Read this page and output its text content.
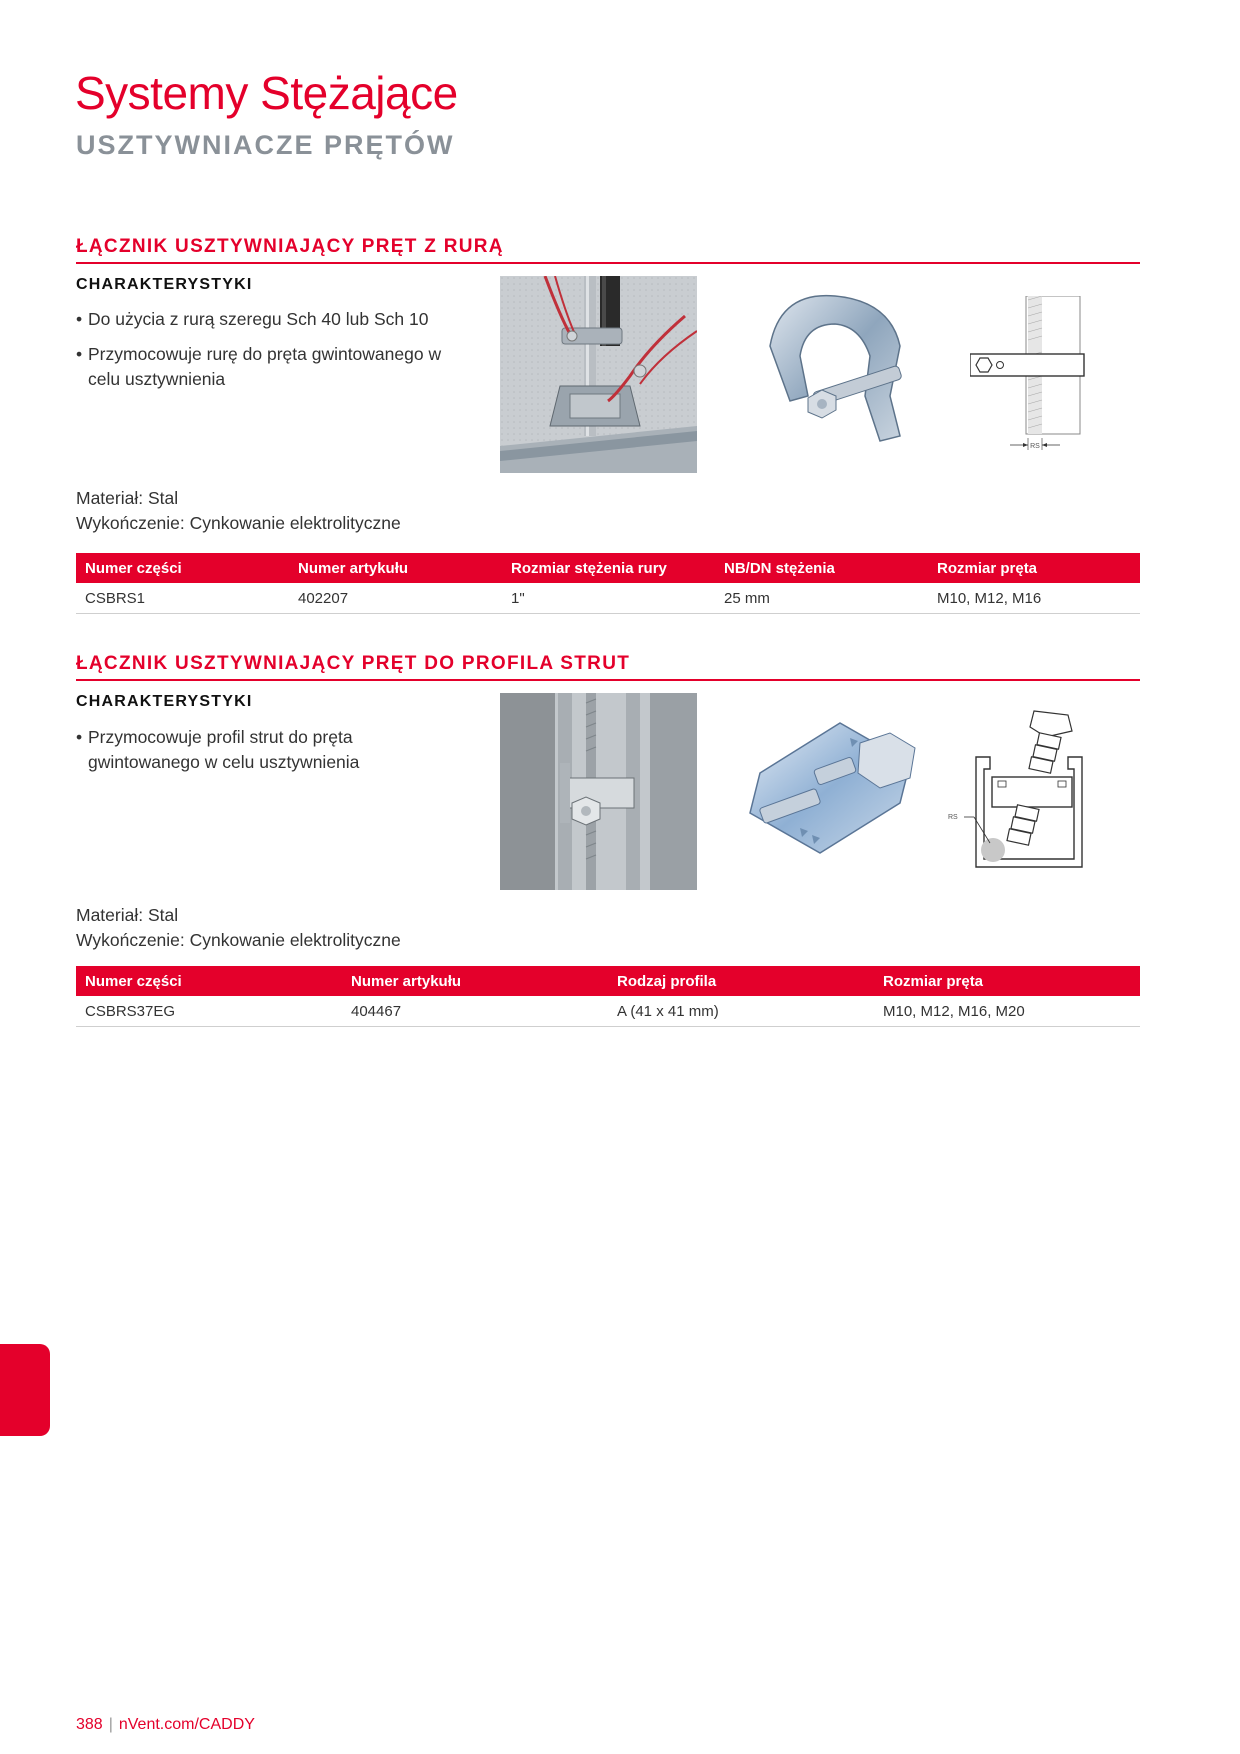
Systemy Stężające
USZTYWNIACZE PRĘTÓW
ŁĄCZNIK USZTYWNIAJĄCY PRĘT Z RURĄ
CHARAKTERYSTYKI
• Do użycia z rurą szeregu Sch 40 lub Sch 10
• Przymocowuje rurę do pręta gwintowanego w celu usztywnienia
RS
Materiał: Stal
Wykończenie: Cynkowanie elektrolityczne
Numer części	Numer artykułu	Rozmiar stężenia rury	NB/DN stężenia	Rozmiar pręta
CSBRS1	402207	1"	25 mm	M10, M12, M16
ŁĄCZNIK USZTYWNIAJĄCY PRĘT DO PROFILA STRUT
CHARAKTERYSTYKI
• Przymocowuje profil strut do pręta gwintowanego w celu usztywnienia
RS
Materiał: Stal
Wykończenie: Cynkowanie elektrolityczne
Numer części	Numer artykułu	Rodzaj profila	Rozmiar pręta
CSBRS37EG	404467	A (41 x 41 mm)	M10, M12, M16, M20
388 | nVent.com/CADDY
